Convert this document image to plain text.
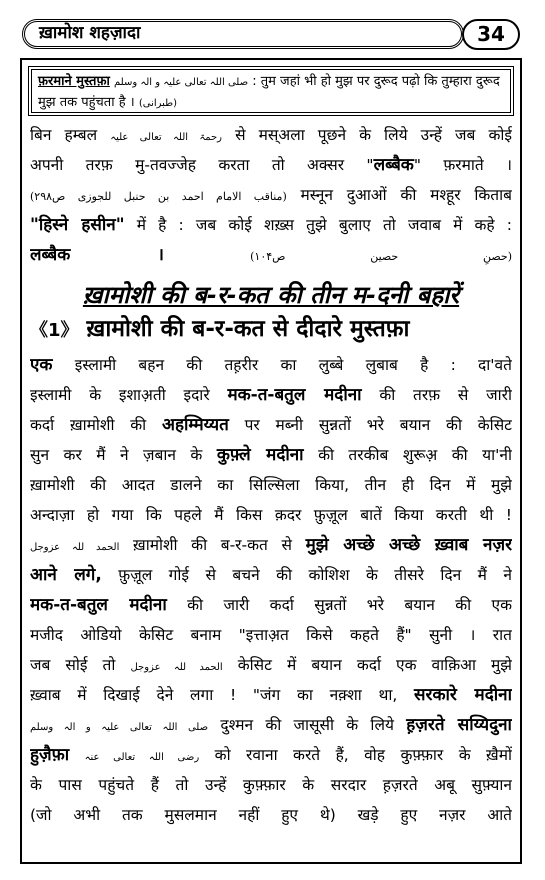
ख़ामोश शहज़ादा	34
फ़रमाने मुस्तफ़ा صلی اللہ تعالی علیہ و الہ وسلم : तुम जहां भी हो मुझ पर दुरूद पढ़ो कि तुम्हारा दुरूद
मुझ तक पहुंचता है । (طبرانی)
बिन हम्बल رحمۃ اللہ تعالی علیہ से मस्अला पूछने के लिये उन्हें जब कोई
अपनी तरफ़ मु-तवज्जेह करता तो अक्सर "लब्बैक" फ़रमाते ।
(مناقب الامام احمد بن حنبل للجوزی ص۲۹۸) मस्नून दुआओं की मश्हूर किताब
"हिस्ने हसीन" में है : जब कोई शख़्स तुझे बुलाए तो जवाब में कहे :
लब्बैक ।	(حصنِ حصین ص۱۰۴)
ख़ामोशी की ब-र-कत की तीन म-दनी बहारें
《1》 ख़ामोशी की ब-र-कत से दीदारे मुस्तफ़ा
एक इस्लामी बहन की तह़रीर का लुब्बे लुबाब है : दा'वते
इस्लामी के इशाअ़ती इदारे मक-त-बतुल मदीना की तरफ़ से जारी
कर्दा ख़ामोशी की अहम्मिय्यत पर मब्नी सुन्नतों भरे बयान की केसिट
सुन कर मैं ने ज़बान के कुफ़्ले मदीना की तरकीब शुरूअ़ की या'नी
ख़ामोशी की आदत डालने का सिल्सिला किया, तीन ही दिन में मुझे
अन्दाज़ा हो गया कि पहले मैं किस क़दर फ़ुज़ूल बातें किया करती थी !
الحمد للہ عزوجل ख़ामोशी की ब-र-कत से मुझे अच्छे अच्छे ख़्वाब नज़र
आने लगे, फ़ुज़ूल गोई से बचने की कोशिश के तीसरे दिन मैं ने
मक-त-बतुल मदीना की जारी कर्दा सुन्नतों भरे बयान की एक
मजीद ओडियो केसिट बनाम "इत्ताअ़त किसे कहते हैं" सुनी । रात
जब सोई तो الحمد للہ عزوجل केसिट में बयान कर्दा एक वाक़िआ मुझे
ख़्वाब में दिखाई देने लगा ! "जंग का नक़्शा था, सरकारे मदीना
صلی اللہ تعالی علیہ و الہ وسلم दुश्मन की जासूसी के लिये ह़ज़रते सय्यिदुना
हुज़ैफ़ा رضی اللہ تعالی عنہ को रवाना करते हैं, वोह कुफ़्फ़ार के ख़ैमों
के पास पहुंचते हैं तो उन्हें कुफ़्फ़ार के सरदार ह़ज़रते अबू सुफ़्यान
(जो अभी तक मुसलमान नहीं हुए थे) खड़े हुए नज़र आते
